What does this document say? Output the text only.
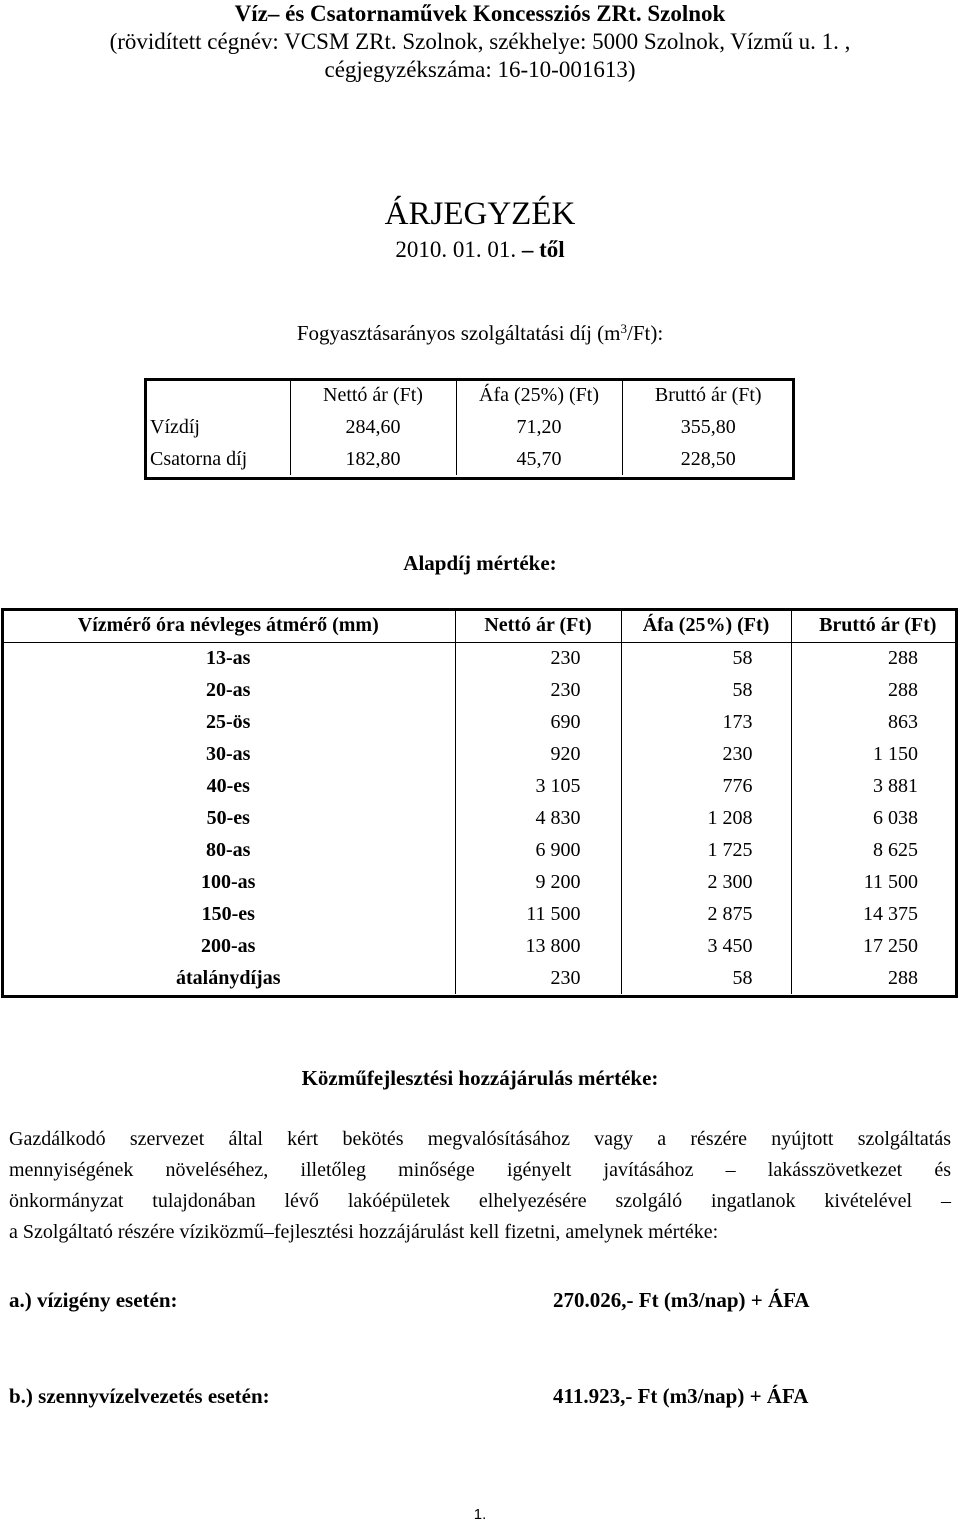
Víz– és Csatornaművek Koncessziós ZRt. Szolnok
(rövidített cégnév: VCSM ZRt. Szolnok, székhelye: 5000 Szolnok, Vízmű u. 1. ,
cégjegyzékszáma: 16-10-001613)
ÁRJEGYZÉK
2010. 01. 01. – től
Fogyasztásarányos szolgáltatási díj $(m^3/Ft)$:
	Nettó ár (Ft)	Áfa (25%) (Ft)	Bruttó ár (Ft)
Vízdíj	284,60	71,20	355,80
Csatorna díj	182,80	45,70	228,50
Alapdíj mértéke:
Vízmérő óra névleges átmérő (mm)	Nettó ár (Ft)	Áfa (25%) (Ft)	Bruttó ár (Ft)
13-as	230	58	288
20-as	230	58	288
25-ös	690	173	863
30-as	920	230	1 150
40-es	3 105	776	3 881
50-es	4 830	1 208	6 038
80-as	6 900	1 725	8 625
100-as	9 200	2 300	11 500
150-es	11 500	2 875	14 375
200-as	13 800	3 450	17 250
átalánydíjas	230	58	288
Közműfejlesztési hozzájárulás mértéke:
Gazdálkodó szervezet által kért bekötés megvalósításához vagy a részére nyújtott szolgáltatás
mennyiségének növeléséhez, illetőleg minősége igényelt javításához – lakásszövetkezet és
önkormányzat tulajdonában lévő lakóépületek elhelyezésére szolgáló ingatlanok kivételével –
a Szolgáltató részére víziközmű–fejlesztési hozzájárulást kell fizetni, amelynek mértéke:
a.) vízigény esetén:	270.026,- Ft (m3/nap) + ÁFA
b.) szennyvízelvezetés esetén:	411.923,- Ft (m3/nap) + ÁFA
1.
